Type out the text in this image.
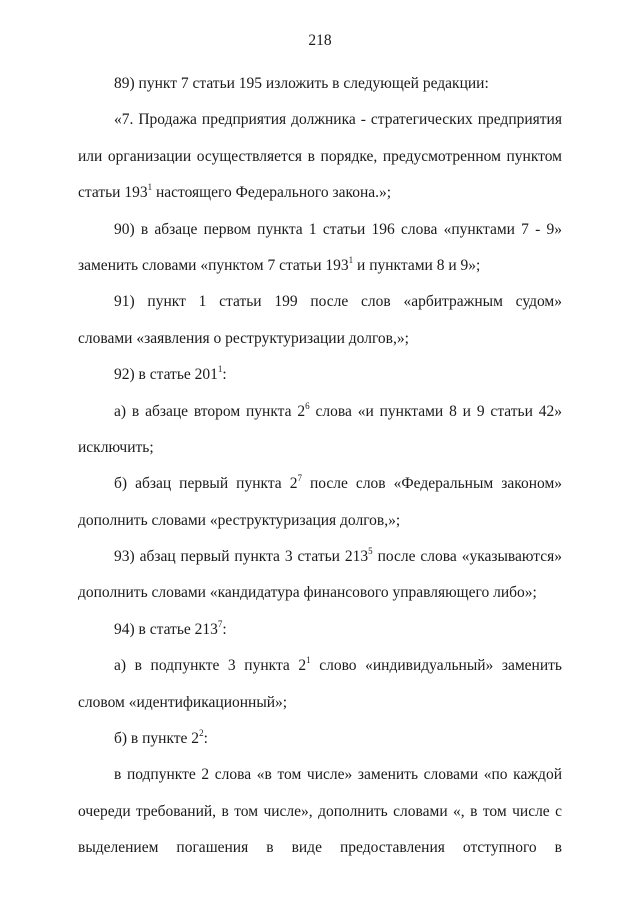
218
89) пункт 7 статьи 195 изложить в следующей редакции:
«7. Продажа предприятия должника - стратегических предприятия
или организации осуществляется в порядке, предусмотренном пунктом
статьи $193^1$ настоящего Федерального закона.»;
90) в абзаце первом пункта 1 статьи 196 слова «пунктами 7 - 9»
заменить словами «пунктом 7 статьи $193^1$ и пунктами 8 и 9»;
91) пункт 1 статьи 199 после слов «арбитражным судом»
словами «заявления о реструктуризации долгов,»;
92) в статье $201^1$:
а) в абзаце втором пункта $2^6$ слова «и пунктами 8 и 9 статьи 42»
исключить;
б) абзац первый пункта $2^7$ после слов «Федеральным законом»
дополнить словами «реструктуризация долгов,»;
93) абзац первый пункта 3 статьи $213^5$ после слова «указываются»
дополнить словами «кандидатура финансового управляющего либо»;
94) в статье $213^7$:
а) в подпункте 3 пункта $2^1$ слово «индивидуальный» заменить
словом «идентификационный»;
б) в пункте $2^2$:
в подпункте 2 слова «в том числе» заменить словами «по каждой
очереди требований, в том числе», дополнить словами «, в том числе с
выделением погашения в виде предоставления отступного в
